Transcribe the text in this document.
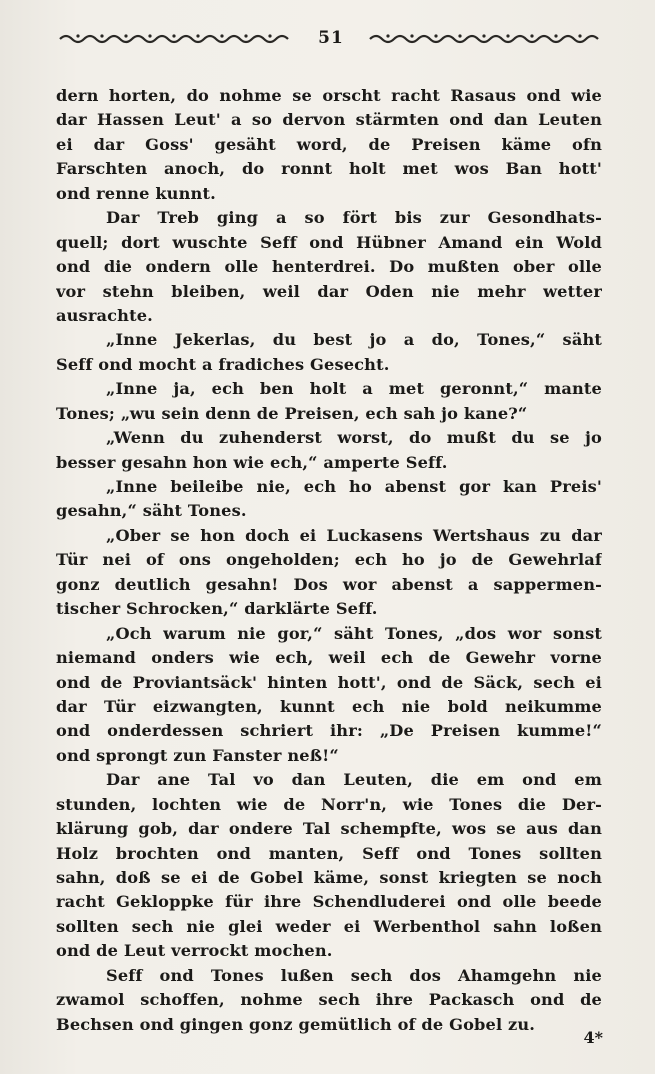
51
dern horten, do nohme se orscht racht Rasaus ond wie
dar Hassen Leut' a so dervon stärmten ond dan Leuten
ei dar Goss' gesäht word, de Preisen käme ofn
Farschten anoch, do ronnt holt met wos Ban hott'
ond renne kunnt.
Dar Treb ging a so fört bis zur Gesondhats-
quell; dort wuschte Seff ond Hübner Amand ein Wold
ond die ondern olle henterdrei. Do mußten ober olle
vor stehn bleiben, weil dar Oden nie mehr wetter
ausrachte.
„Inne Jekerlas, du best jo a do, Tones,“ säht
Seff ond mocht a fradiches Gesecht.
„Inne ja, ech ben holt a met geronnt,“ mante
Tones; „wu sein denn de Preisen, ech sah jo kane?“
„Wenn du zuhenderst worst, do mußt du se jo
besser gesahn hon wie ech,“ amperte Seff.
„Inne beileibe nie, ech ho abenst gor kan Preis'
gesahn,“ säht Tones.
„Ober se hon doch ei Luckasens Wertshaus zu dar
Tür nei of ons ongeholden; ech ho jo de Gewehrlaf
gonz deutlich gesahn! Dos wor abenst a sappermen-
tischer Schrocken,“ darklärte Seff.
„Och warum nie gor,“ säht Tones, „dos wor sonst
niemand onders wie ech, weil ech de Gewehr vorne
ond de Proviantsäck' hinten hott', ond de Säck, sech ei
dar Tür eizwangten, kunnt ech nie bold neikumme
ond onderdessen schriert ihr: „De Preisen kumme!“
ond sprongt zun Fanster neß!“
Dar ane Tal vo dan Leuten, die em ond em
stunden, lochten wie de Norr'n, wie Tones die Der-
klärung gob, dar ondere Tal schempfte, wos se aus dan
Holz brochten ond manten, Seff ond Tones sollten
sahn, doß se ei de Gobel käme, sonst kriegten se noch
racht Gekloppke für ihre Schendluderei ond olle beede
sollten sech nie glei weder ei Werbenthol sahn loßen
ond de Leut verrockt mochen.
Seff ond Tones lußen sech dos Ahamgehn nie
zwamol schoffen, nohme sech ihre Packasch ond de
Bechsen ond gingen gonz gemütlich of de Gobel zu.
4*
